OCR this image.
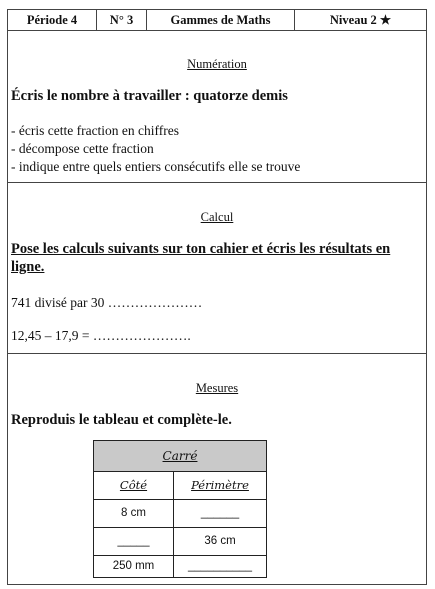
Période 4	N° 3	Gammes de Maths	Niveau 2 ★
Numération
Écris le nombre à travailler : quatorze demis
- écris cette fraction en chiffres
- décompose cette fraction
- indique entre quels entiers consécutifs elle se trouve
Calcul
Pose les calculs suivants sur ton cahier et écris les résultats en
ligne.
741 divisé par 30 …………………
12,45 – 17,9 = ………………….
Mesures
Reproduis le tableau et complète-le.
Carré
Côté	Périmètre
8 cm	______
_____	36 cm
250 mm	__________
